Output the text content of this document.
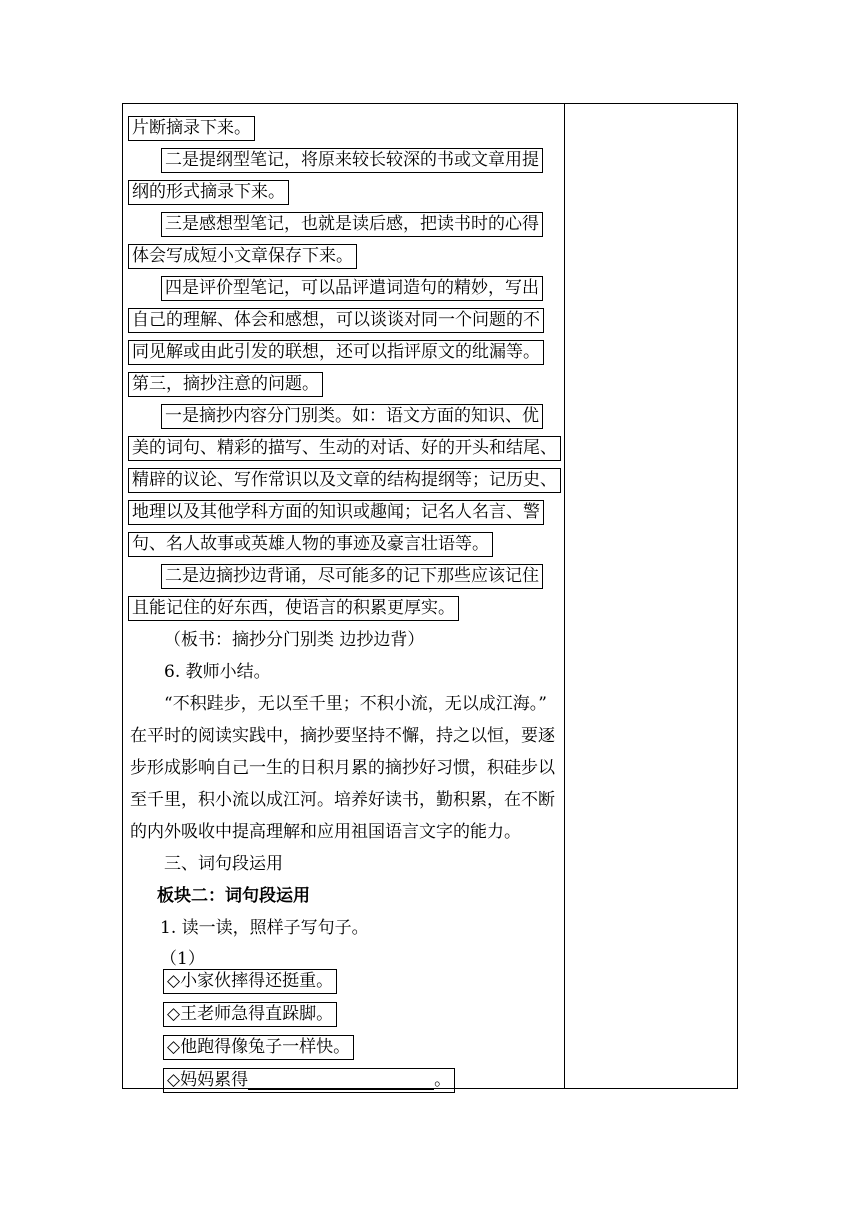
片断摘录下来。
二是提纲型笔记，将原来较长较深的书或文章用提
纲的形式摘录下来。
三是感想型笔记，也就是读后感，把读书时的心得
体会写成短小文章保存下来。
四是评价型笔记，可以品评遣词造句的精妙，写出
自己的理解、体会和感想，可以谈谈对同一个问题的不
同见解或由此引发的联想，还可以指评原文的纰漏等。
第三，摘抄注意的问题。
一是摘抄内容分门别类。如：语文方面的知识、优
美的词句、精彩的描写、生动的对话、好的开头和结尾、
精辟的议论、写作常识以及文章的结构提纲等；记历史、
地理以及其他学科方面的知识或趣闻；记名人名言、警
句、名人故事或英雄人物的事迹及豪言壮语等。
二是边摘抄边背诵，尽可能多的记下那些应该记住
且能记住的好东西，使语言的积累更厚实。
（板书：摘抄分门别类 边抄边背）
6. 教师小结。
“不积跬步，无以至千里；不积小流，无以成江海。”
在平时的阅读实践中，摘抄要坚持不懈，持之以恒，要逐
步形成影响自己一生的日积月累的摘抄好习惯，积硅步以
至千里，积小流以成江河。培养好读书，勤积累，在不断
的内外吸收中提高理解和应用祖国语言文字的能力。
三、词句段运用
板块二：词句段运用
1. 读一读，照样子写句子。
（1）
◇小家伙摔得还挺重。
◇王老师急得直跺脚。
◇他跑得像兔子一样快。
◇妈妈累得	。
